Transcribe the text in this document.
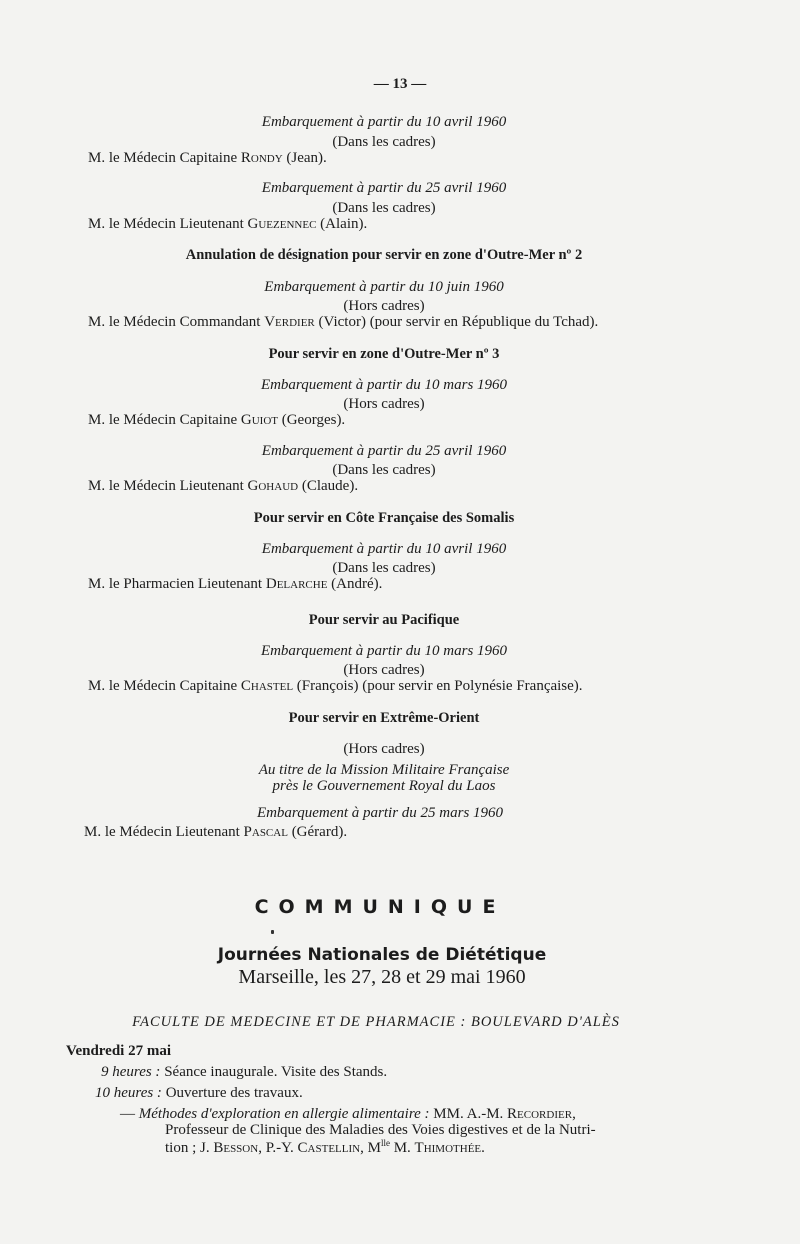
— 13 —
Embarquement à partir du 10 avril 1960
(Dans les cadres)
M. le Médecin Capitaine Rondy (Jean).
Embarquement à partir du 25 avril 1960
(Dans les cadres)
M. le Médecin Lieutenant Guezennec (Alain).
Annulation de désignation pour servir en zone d'Outre-Mer nº 2
Embarquement à partir du 10 juin 1960
(Hors cadres)
M. le Médecin Commandant Verdier (Victor) (pour servir en République du Tchad).
Pour servir en zone d'Outre-Mer nº 3
Embarquement à partir du 10 mars 1960
(Hors cadres)
M. le Médecin Capitaine Guiot (Georges).
Embarquement à partir du 25 avril 1960
(Dans les cadres)
M. le Médecin Lieutenant Gohaud (Claude).
Pour servir en Côte Française des Somalis
Embarquement à partir du 10 avril 1960
(Dans les cadres)
M. le Pharmacien Lieutenant Delarche (André).
Pour servir au Pacifique
Embarquement à partir du 10 mars 1960
(Hors cadres)
M. le Médecin Capitaine Chastel (François) (pour servir en Polynésie Française).
Pour servir en Extrême-Orient
(Hors cadres)
Au titre de la Mission Militaire Française
près le Gouvernement Royal du Laos
Embarquement à partir du 25 mars 1960
M. le Médecin Lieutenant Pascal (Gérard).
COMMUNIQUE
Journées Nationales de Diététique
Marseille, les 27, 28 et 29 mai 1960
FACULTE DE MEDECINE ET DE PHARMACIE : BOULEVARD D'ALÈS
Vendredi 27 mai
9 heures : Séance inaugurale. Visite des Stands.
10 heures : Ouverture des travaux.
— Méthodes d'exploration en allergie alimentaire : MM. A.-M. Recordier,
Professeur de Clinique des Maladies des Voies digestives et de la Nutri-
tion ; J. Besson, P.-Y. Castellin, $M^{lle}$ M. Thimothée.
